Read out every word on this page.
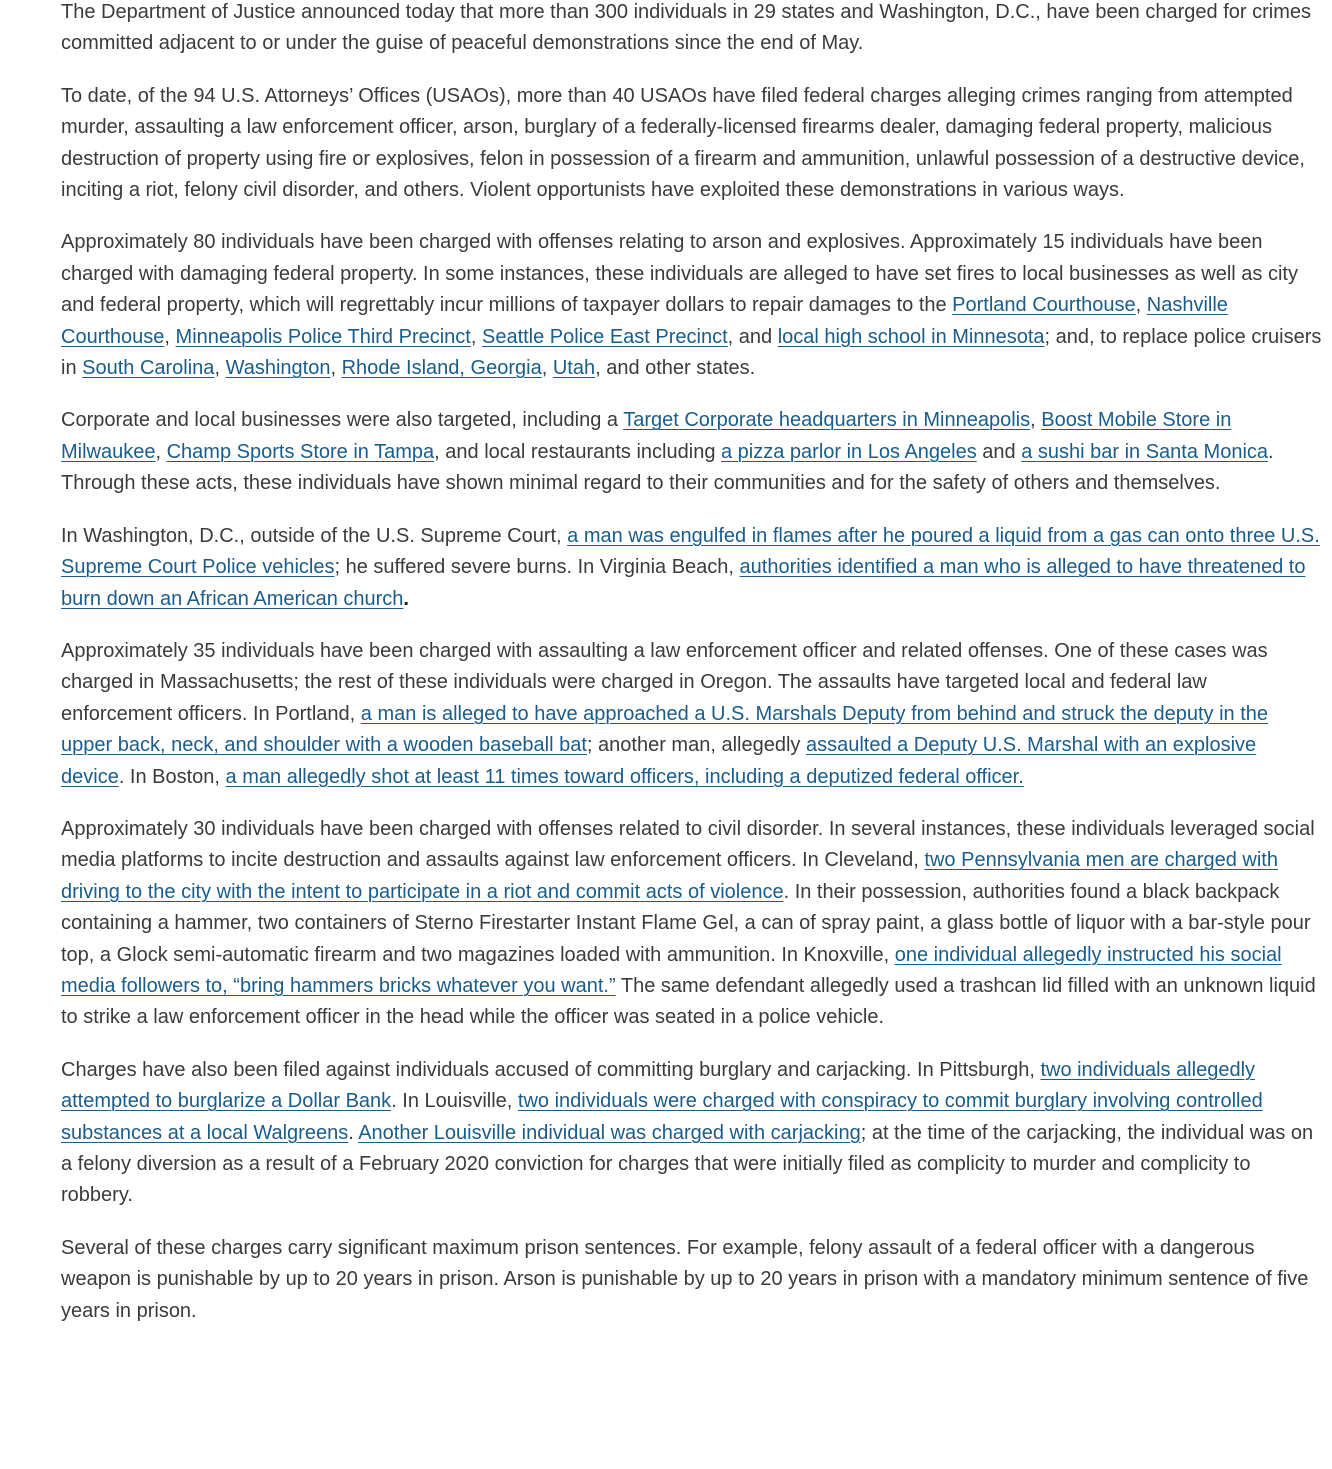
The Department of Justice announced today that more than 300 individuals in 29 states and Washington, D.C., have been charged for crimes committed adjacent to or under the guise of peaceful demonstrations since the end of May.

To date, of the 94 U.S. Attorneys’ Offices (USAOs), more than 40 USAOs have filed federal charges alleging crimes ranging from attempted murder, assaulting a law enforcement officer, arson, burglary of a federally-licensed firearms dealer, damaging federal property, malicious destruction of property using fire or explosives, felon in possession of a firearm and ammunition, unlawful possession of a destructive device, inciting a riot, felony civil disorder, and others. Violent opportunists have exploited these demonstrations in various ways.

Approximately 80 individuals have been charged with offenses relating to arson and explosives. Approximately 15 individuals have been charged with damaging federal property. In some instances, these individuals are alleged to have set fires to local businesses as well as city and federal property, which will regrettably incur millions of taxpayer dollars to repair damages to the Portland Courthouse, Nashville Courthouse, Minneapolis Police Third Precinct, Seattle Police East Precinct, and local high school in Minnesota; and, to replace police cruisers in South Carolina, Washington, Rhode Island, Georgia, Utah, and other states.

Corporate and local businesses were also targeted, including a Target Corporate headquarters in Minneapolis, Boost Mobile Store in Milwaukee, Champ Sports Store in Tampa, and local restaurants including a pizza parlor in Los Angeles and a sushi bar in Santa Monica. Through these acts, these individuals have shown minimal regard to their communities and for the safety of others and themselves.

In Washington, D.C., outside of the U.S. Supreme Court, a man was engulfed in flames after he poured a liquid from a gas can onto three U.S. Supreme Court Police vehicles; he suffered severe burns. In Virginia Beach, authorities identified a man who is alleged to have threatened to burn down an African American church.

Approximately 35 individuals have been charged with assaulting a law enforcement officer and related offenses. One of these cases was charged in Massachusetts; the rest of these individuals were charged in Oregon. The assaults have targeted local and federal law enforcement officers. In Portland, a man is alleged to have approached a U.S. Marshals Deputy from behind and struck the deputy in the upper back, neck, and shoulder with a wooden baseball bat; another man, allegedly assaulted a Deputy U.S. Marshal with an explosive device. In Boston, a man allegedly shot at least 11 times toward officers, including a deputized federal officer.

Approximately 30 individuals have been charged with offenses related to civil disorder. In several instances, these individuals leveraged social media platforms to incite destruction and assaults against law enforcement officers. In Cleveland, two Pennsylvania men are charged with driving to the city with the intent to participate in a riot and commit acts of violence. In their possession, authorities found a black backpack containing a hammer, two containers of Sterno Firestarter Instant Flame Gel, a can of spray paint, a glass bottle of liquor with a bar-style pour top, a Glock semi-automatic firearm and two magazines loaded with ammunition. In Knoxville, one individual allegedly instructed his social media followers to, “bring hammers bricks whatever you want.” The same defendant allegedly used a trashcan lid filled with an unknown liquid to strike a law enforcement officer in the head while the officer was seated in a police vehicle.

Charges have also been filed against individuals accused of committing burglary and carjacking. In Pittsburgh, two individuals allegedly attempted to burglarize a Dollar Bank. In Louisville, two individuals were charged with conspiracy to commit burglary involving controlled substances at a local Walgreens. Another Louisville individual was charged with carjacking; at the time of the carjacking, the individual was on a felony diversion as a result of a February 2020 conviction for charges that were initially filed as complicity to murder and complicity to robbery.

Several of these charges carry significant maximum prison sentences. For example, felony assault of a federal officer with a dangerous weapon is punishable by up to 20 years in prison. Arson is punishable by up to 20 years in prison with a mandatory minimum sentence of five years in prison.
